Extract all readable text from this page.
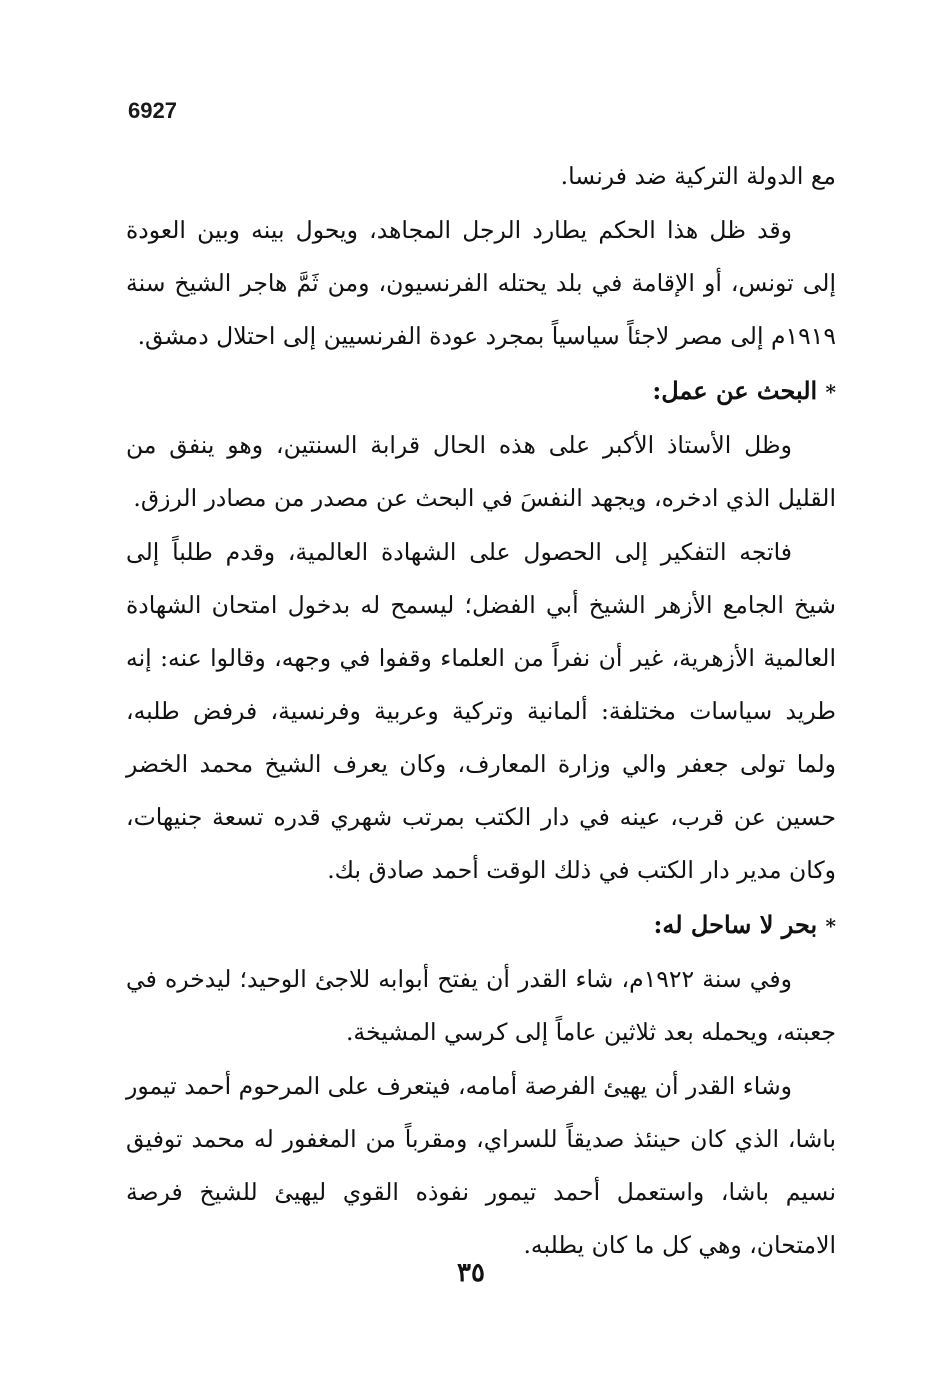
6927

مع الدولة التركية ضد فرنسا.

وقد ظل هذا الحكم يطارد الرجل المجاهد، ويحول بينه وبين العودة إلى تونس، أو الإقامة في بلد يحتله الفرنسيون، ومن ثَمَّ هاجر الشيخ سنة ١٩١٩م إلى مصر لاجئاً سياسياً بمجرد عودة الفرنسيين إلى احتلال دمشق.

* البحث عن عمل:

وظل الأستاذ الأكبر على هذه الحال قرابة السنتين، وهو ينفق من القليل الذي ادخره، ويجهد النفسَ في البحث عن مصدر من مصادر الرزق.

فاتجه التفكير إلى الحصول على الشهادة العالمية، وقدم طلباً إلى شيخ الجامع الأزهر الشيخ أبي الفضل؛ ليسمح له بدخول امتحان الشهادة العالمية الأزهرية، غير أن نفراً من العلماء وقفوا في وجهه، وقالوا عنه: إنه طريد سياسات مختلفة: ألمانية وتركية وعربية وفرنسية، فرفض طلبه، ولما تولى جعفر والي وزارة المعارف، وكان يعرف الشيخ محمد الخضر حسين عن قرب، عينه في دار الكتب بمرتب شهري قدره تسعة جنيهات، وكان مدير دار الكتب في ذلك الوقت أحمد صادق بك.

* بحر لا ساحل له:

وفي سنة ١٩٢٢م، شاء القدر أن يفتح أبوابه للاجئ الوحيد؛ ليدخره في جعبته، ويحمله بعد ثلاثين عاماً إلى كرسي المشيخة.

وشاء القدر أن يهيئ الفرصة أمامه، فيتعرف على المرحوم أحمد تيمور باشا، الذي كان حينئذ صديقاً للسراي، ومقرباً من المغفور له محمد توفيق نسيم باشا، واستعمل أحمد تيمور نفوذه القوي ليهيئ للشيخ فرصة الامتحان، وهي كل ما كان يطلبه.

٣٥
